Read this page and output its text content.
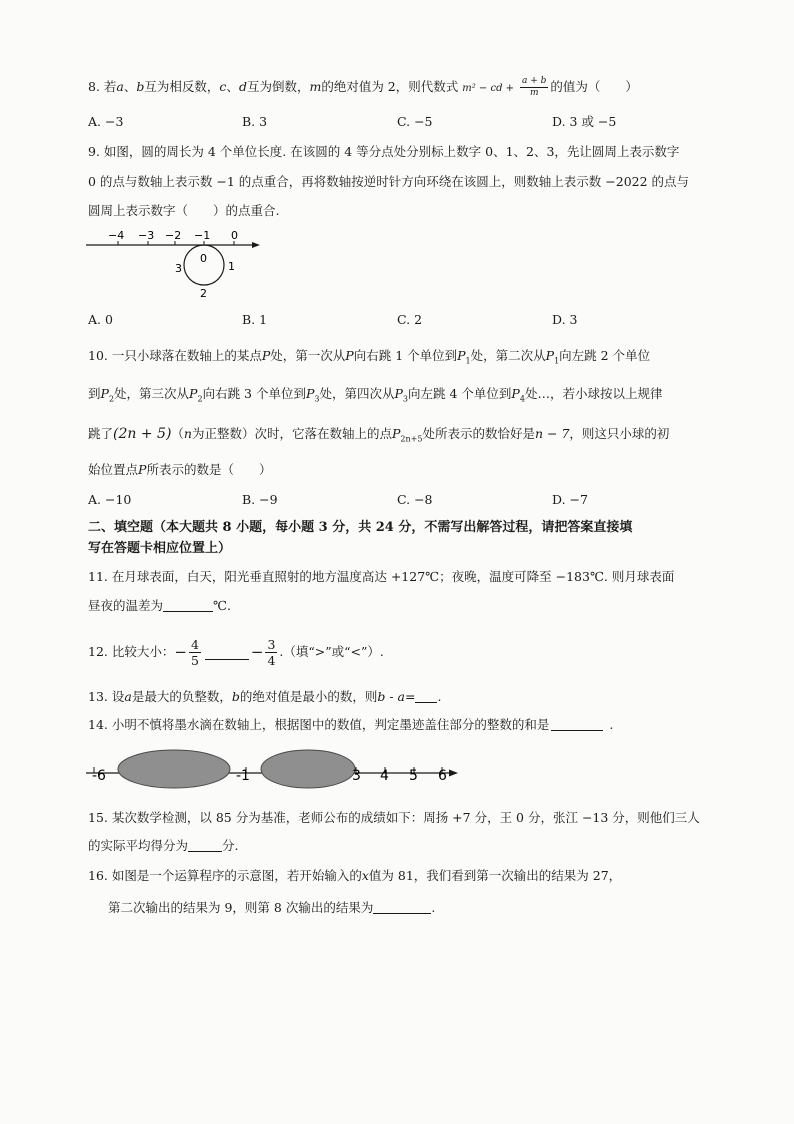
8. 若a、b互为相反数，c、d互为倒数，m的绝对值为 2，则代数式 m² − cd + $\frac{a + b}{m}$ 的值为（　　）
A. −3	B. 3	C. −5	D. 3 或 −5
9. 如图，圆的周长为 4 个单位长度. 在该圆的 4 等分点处分别标上数字 0、1、2、3，先让圆周上表示数字
0 的点与数轴上表示数 −1 的点重合，再将数轴按逆时针方向环绕在该圆上，则数轴上表示数 −2022 的点与
圆周上表示数字（　　）的点重合.
−4 −3 −2 −1 0
0
1
2
3
A. 0	B. 1	C. 2	D. 3
10. 一只小球落在数轴上的某点P处，第一次从P向右跳 1 个单位到$P_1$处，第二次从$P_1$向左跳 2 个单位
到$P_2$处，第三次从$P_2$向右跳 3 个单位到$P_3$处，第四次从$P_3$向左跳 4 个单位到$P_4$处…，若小球按以上规律
跳了(2n + 5)（n为正整数）次时，它落在数轴上的点$P_{2n+5}$处所表示的数恰好是n − 7，则这只小球的初
始位置点P所表示的数是（　　）
A. −10	B. −9	C. −8	D. −7
二、填空题（本大题共 8 小题，每小题 3 分，共 24 分，不需写出解答过程，请把答案直接填
写在答题卡相应位置上）
11. 在月球表面，白天，阳光垂直照射的地方温度高达 +127℃；夜晚，温度可降至 −183℃. 则月球表面
昼夜的温差为	℃.
12. 比较大小： − $\frac{4}{5}$	− $\frac{3}{4}$ .（填“>”或“<”）.
13. 设a是最大的负整数，b的绝对值是最小的数，则b - a= .
14. 小明不慎将墨水滴在数轴上，根据图中的数值，判定墨迹盖住部分的整数的和是	.
-6	-1	3 4 5 6
15. 某次数学检测，以 85 分为基准，老师公布的成绩如下：周扬 +7 分，王 0 分，张江 −13 分，则他们三人
的实际平均得分为	分.
16. 如图是一个运算程序的示意图，若开始输入的x值为 81，我们看到第一次输出的结果为 27，
第二次输出的结果为 9，则第 8 次输出的结果为	.
